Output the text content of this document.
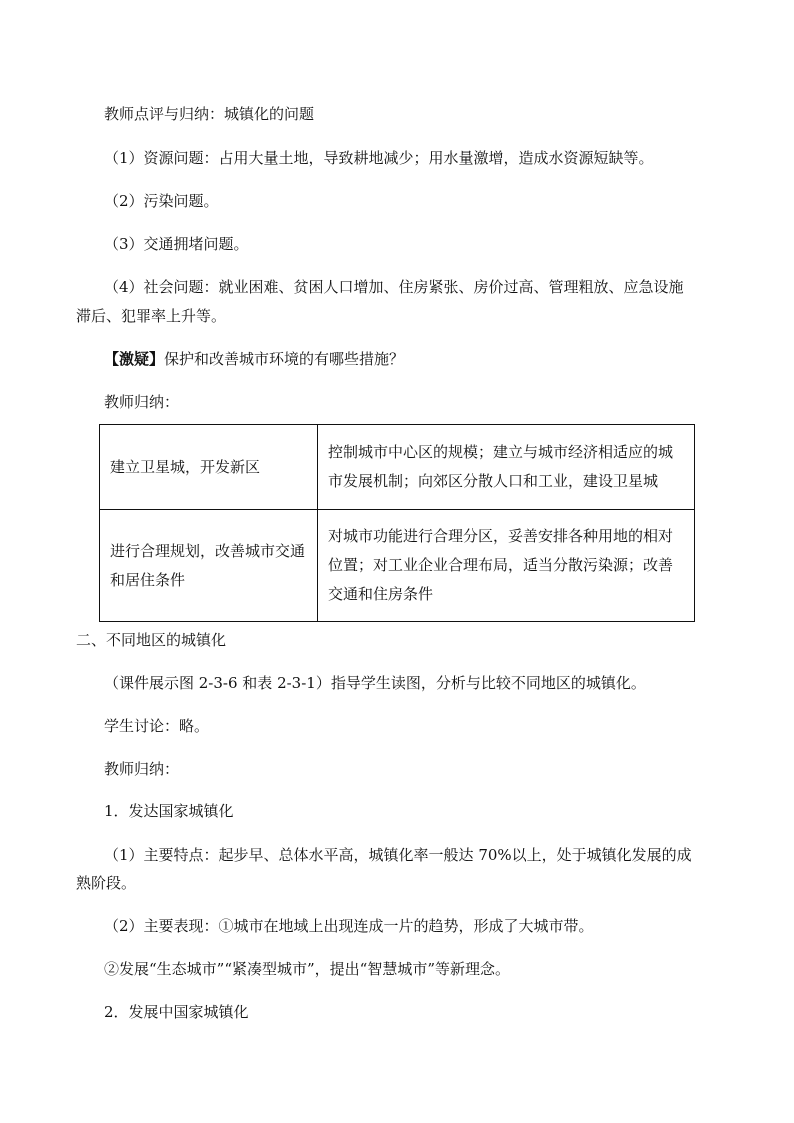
教师点评与归纳：城镇化的问题
（1）资源问题：占用大量土地，导致耕地减少；用水量激增，造成水资源短缺等。
（2）污染问题。
（3）交通拥堵问题。
（4）社会问题：就业困难、贫困人口增加、住房紧张、房价过高、管理粗放、应急设施
滞后、犯罪率上升等。
【激疑】保护和改善城市环境的有哪些措施？
教师归纳：
建立卫星城，开发新区	控制城市中心区的规模；建立与城市经济相适应的城市发展机制；向郊区分散人口和工业，建设卫星城
进行合理规划，改善城市交通和居住条件	对城市功能进行合理分区，妥善安排各种用地的相对位置；对工业企业合理布局，适当分散污染源；改善交通和住房条件
二、不同地区的城镇化
（课件展示图 2-3-6 和表 2-3-1）指导学生读图，分析与比较不同地区的城镇化。
学生讨论：略。
教师归纳：
1．发达国家城镇化
（1）主要特点：起步早、总体水平高，城镇化率一般达 70%以上，处于城镇化发展的成
熟阶段。
（2）主要表现：①城市在地域上出现连成一片的趋势，形成了大城市带。
②发展“生态城市”“紧凑型城市”，提出“智慧城市”等新理念。
2．发展中国家城镇化
